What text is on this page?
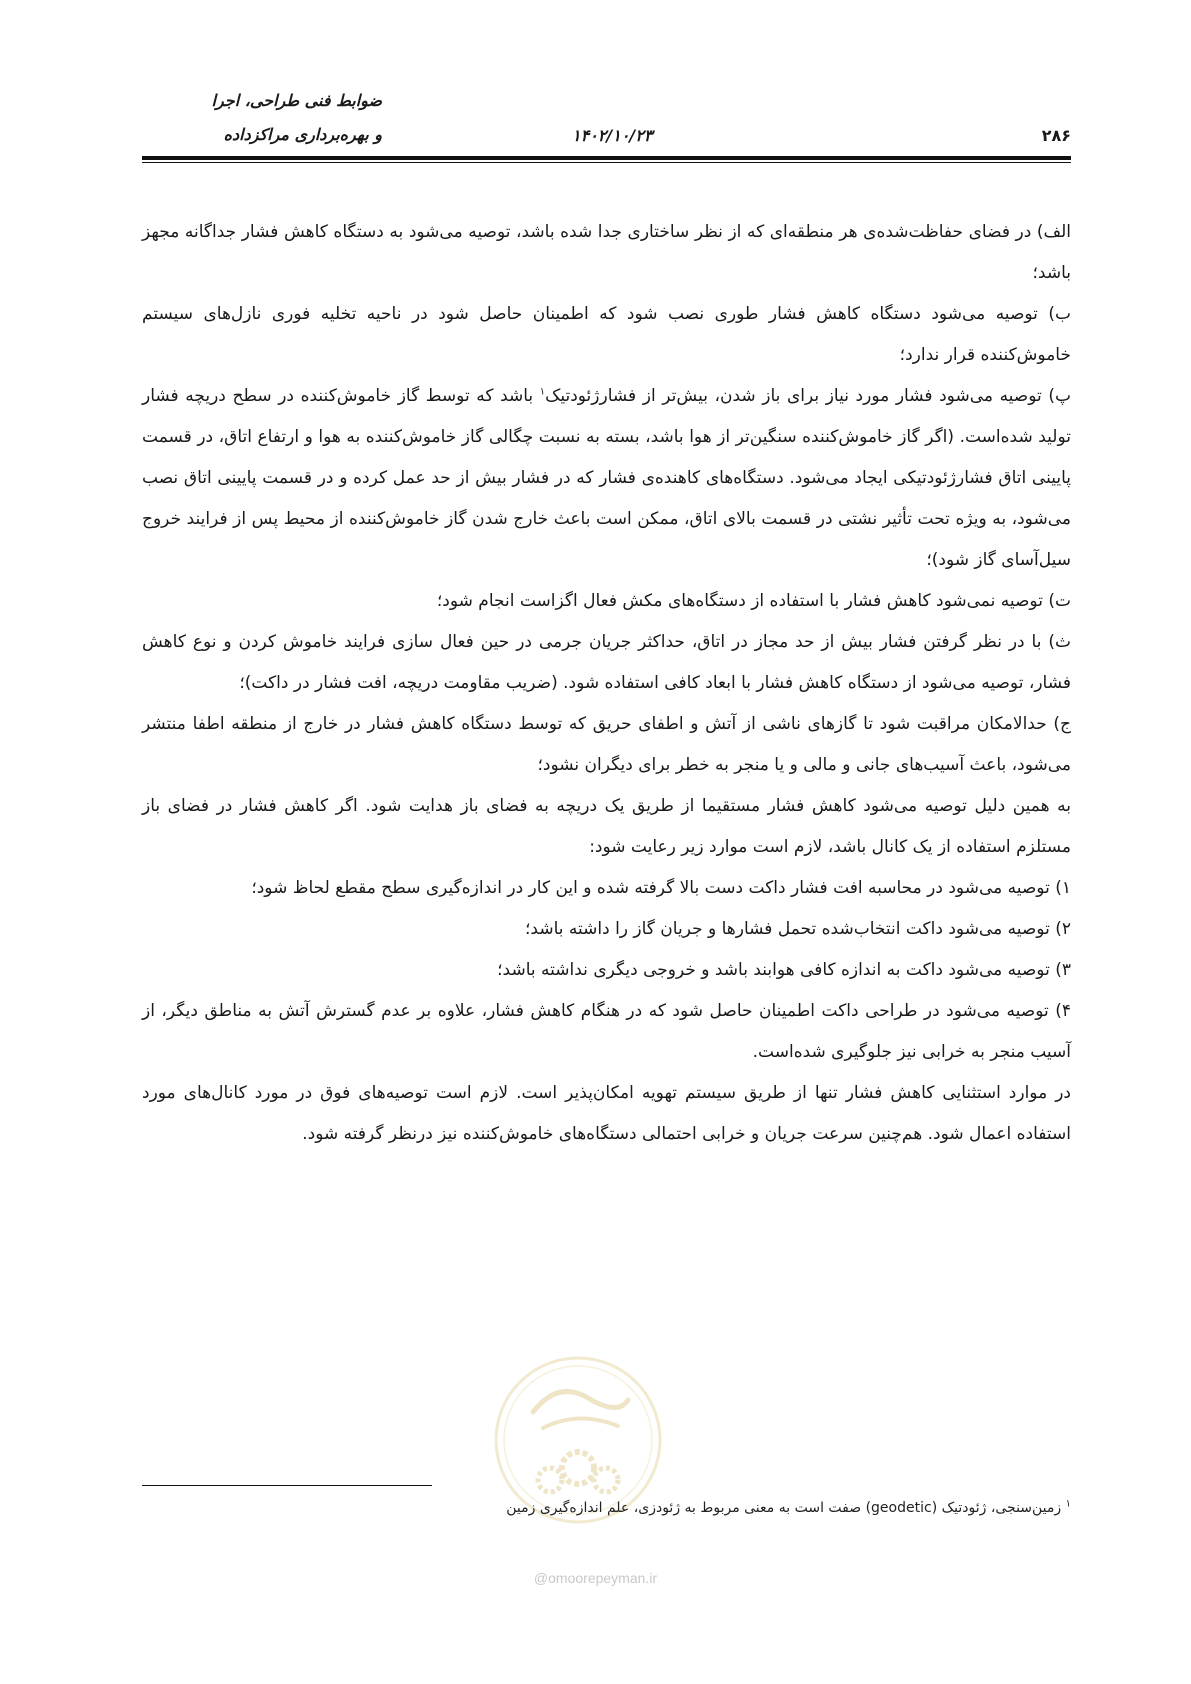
۲۸۶
۱۴۰۲/۱۰/۲۳
ضوابط فنی طراحی، اجرا
و بهره‌برداری مراکزداده

الف) در فضای حفاظت‌شده‌ی هر منطقه‌ای که از نظر ساختاری جدا شده باشد، توصیه می‌شود به دستگاه کاهش فشار جداگانه مجهز باشد؛

ب) توصیه می‌شود دستگاه کاهش فشار طوری نصب شود که اطمینان حاصل شود در ناحیه تخلیه فوری نازل‌های سیستم خاموش‌کننده قرار ندارد؛

پ) توصیه می‌شود فشار مورد نیاز برای باز شدن، بیش‌تر از فشارژئودتیک$^۱$ باشد که توسط گاز خاموش‌کننده در سطح دریچه فشار تولید شده‌است. (اگر گاز خاموش‌کننده سنگین‌تر از هوا باشد، بسته به نسبت چگالی گاز خاموش‌کننده به هوا و ارتفاع اتاق، در قسمت پایینی اتاق فشارژئودتیکی ایجاد می‌شود. دستگاه‌های کاهنده‌ی فشار که در فشار بیش از حد عمل کرده و در قسمت پایینی اتاق نصب می‌شود، به ویژه تحت تأثیر نشتی در قسمت بالای اتاق، ممکن است باعث خارج شدن گاز خاموش‌کننده از محیط پس از فرایند خروج سیل‌آسای گاز شود)؛

ت) توصیه نمی‌شود کاهش فشار با استفاده از دستگاه‌های مکش فعال اگزاست انجام شود؛

ث) با در نظر گرفتن فشار بیش از حد مجاز در اتاق، حداکثر جریان جرمی در حین فعال سازی فرایند خاموش کردن و نوع کاهش فشار، توصیه می‌شود از دستگاه کاهش فشار با ابعاد کافی استفاده شود. (ضریب مقاومت دریچه، افت فشار در داکت)؛

ج) حدالامکان مراقبت شود تا گازهای ناشی از آتش و اطفای حریق که توسط دستگاه کاهش فشار در خارج از منطقه اطفا منتشر می‌شود، باعث آسیب‌های جانی و مالی و یا منجر به خطر برای دیگران نشود؛

به همین دلیل توصیه می‌شود کاهش فشار مستقیما از طریق یک دریچه به فضای باز هدایت شود. اگر کاهش فشار در فضای باز مستلزم استفاده از یک کانال باشد، لازم است موارد زیر رعایت شود:

۱) توصیه می‌شود در محاسبه افت فشار داکت دست بالا گرفته شده و این کار در اندازه‌گیری سطح مقطع لحاظ شود؛

۲) توصیه می‌شود داکت انتخاب‌شده تحمل فشارها و جریان گاز را داشته باشد؛

۳) توصیه می‌شود داکت به اندازه کافی هوابند باشد و خروجی دیگری نداشته باشد؛

۴) توصیه می‌شود در طراحی داکت اطمینان حاصل شود که در هنگام کاهش فشار، علاوه بر عدم گسترش آتش به مناطق دیگر، از آسیب منجر به خرابی نیز جلوگیری شده‌است.

در موارد استثنایی کاهش فشار تنها از طریق سیستم تهویه امکان‌پذیر است. لازم است توصیه‌های فوق در مورد کانال‌های مورد استفاده اعمال شود. هم‌چنین سرعت جریان و خرابی احتمالی دستگاه‌های خاموش‌کننده نیز درنظر گرفته شود.

$^۱$ زمین‌سنجی، ژئودتیک (geodetic) صفت است به معنی مربوط به ژئودزی، علم اندازه‌گیری زمین
@omoorepeyman.ir
